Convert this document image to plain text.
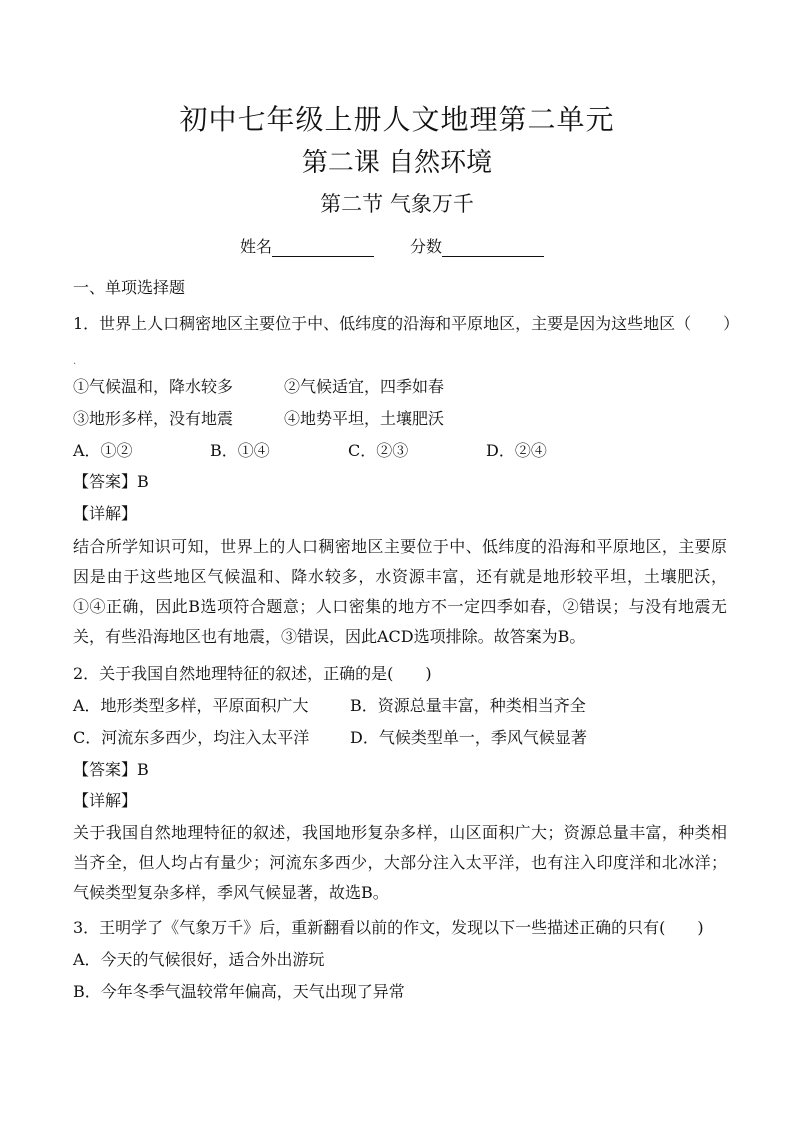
初中七年级上册人文地理第二单元
第二课 自然环境
第二节 气象万千
姓名	分数
一、单项选择题
1．世界上人口稠密地区主要位于中、低纬度的沿海和平原地区，主要是因为这些地区（　　）
.
①气候温和，降水较多	②气候适宜，四季如春
③地形多样，没有地震	④地势平坦，土壤肥沃
A．①②	B．①④	C．②③	D．②④
【答案】B
【详解】
结合所学知识可知，世界上的人口稠密地区主要位于中、低纬度的沿海和平原地区，主要原因是由于这些地区气候温和、降水较多，水资源丰富，还有就是地形较平坦，土壤肥沃，①④正确，因此B选项符合题意；人口密集的地方不一定四季如春，②错误；与没有地震无关，有些沿海地区也有地震，③错误，因此ACD选项排除。故答案为B。
2．关于我国自然地理特征的叙述，正确的是(　　)
A．地形类型多样，平原面积广大	B．资源总量丰富，种类相当齐全
C．河流东多西少，均注入太平洋	D．气候类型单一，季风气候显著
【答案】B
【详解】
关于我国自然地理特征的叙述，我国地形复杂多样，山区面积广大；资源总量丰富，种类相当齐全，但人均占有量少；河流东多西少，大部分注入太平洋，也有注入印度洋和北冰洋；气候类型复杂多样，季风气候显著，故选B。
3．王明学了《气象万千》后，重新翻看以前的作文，发现以下一些描述正确的只有(　　)
A．今天的气候很好，适合外出游玩
B．今年冬季气温较常年偏高，天气出现了异常
